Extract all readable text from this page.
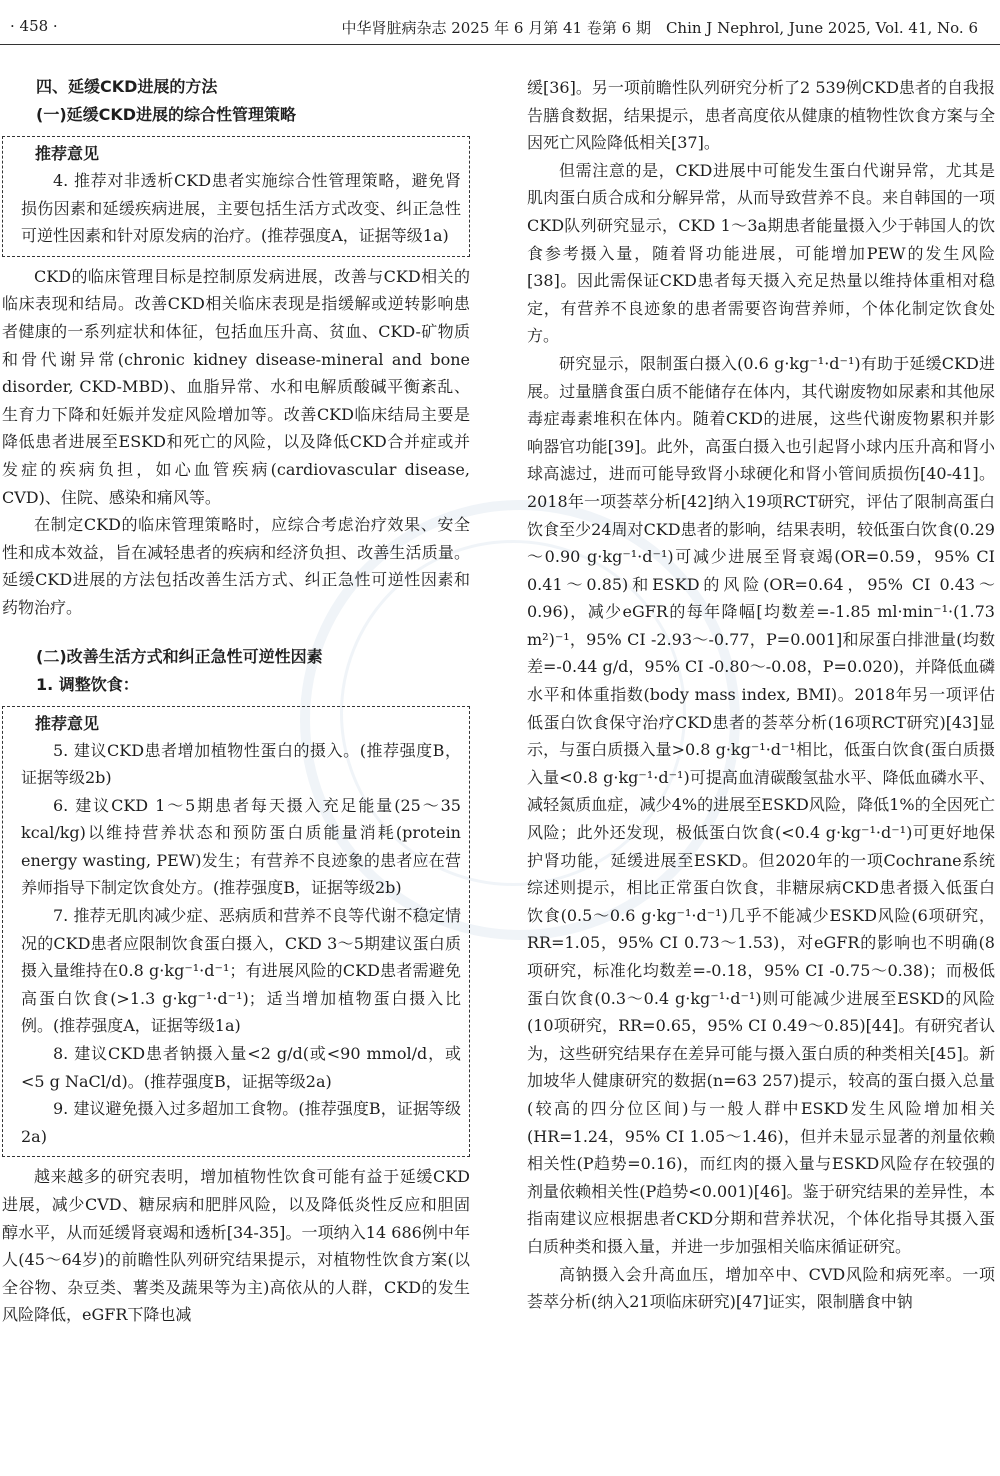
· 458 ·	中华肾脏病杂志 2025 年 6 月第 41 卷第 6 期　Chin J Nephrol, June 2025, Vol. 41, No. 6
四、延缓CKD进展的方法
(一)延缓CKD进展的综合性管理策略
推荐意见

4. 推荐对非透析CKD患者实施综合性管理策略，避免肾损伤因素和延缓疾病进展，主要包括生活方式改变、纠正急性可逆性因素和针对原发病的治疗。(推荐强度A，证据等级1a)

CKD的临床管理目标是控制原发病进展，改善与CKD相关的临床表现和结局。改善CKD相关临床表现是指缓解或逆转影响患者健康的一系列症状和体征，包括血压升高、贫血、CKD-矿物质和骨代谢异常(chronic kidney disease-mineral and bone disorder, CKD-MBD)、血脂异常、水和电解质酸碱平衡紊乱、生育力下降和妊娠并发症风险增加等。改善CKD临床结局主要是降低患者进展至ESKD和死亡的风险，以及降低CKD合并症或并发症的疾病负担，如心血管疾病(cardiovascular disease, CVD)、住院、感染和痛风等。

在制定CKD的临床管理策略时，应综合考虑治疗效果、安全性和成本效益，旨在减轻患者的疾病和经济负担、改善生活质量。延缓CKD进展的方法包括改善生活方式、纠正急性可逆性因素和药物治疗。

(二)改善生活方式和纠正急性可逆性因素
1. 调整饮食：
推荐意见

5. 建议CKD患者增加植物性蛋白的摄入。(推荐强度B，证据等级2b)

6. 建议CKD 1～5期患者每天摄入充足能量(25～35 kcal/kg)以维持营养状态和预防蛋白质能量消耗(protein energy wasting, PEW)发生；有营养不良迹象的患者应在营养师指导下制定饮食处方。(推荐强度B，证据等级2b)

7. 推荐无肌肉减少症、恶病质和营养不良等代谢不稳定情况的CKD患者应限制饮食蛋白摄入，CKD 3～5期建议蛋白质摄入量维持在0.8 g·kg⁻¹·d⁻¹；有进展风险的CKD患者需避免高蛋白饮食(>1.3 g·kg⁻¹·d⁻¹)；适当增加植物蛋白摄入比例。(推荐强度A，证据等级1a)

8. 建议CKD患者钠摄入量<2 g/d(或<90 mmol/d，或<5 g NaCl/d)。(推荐强度B，证据等级2a)

9. 建议避免摄入过多超加工食物。(推荐强度B，证据等级2a)

越来越多的研究表明，增加植物性饮食可能有益于延缓CKD进展，减少CVD、糖尿病和肥胖风险，以及降低炎性反应和胆固醇水平，从而延缓肾衰竭和透析[34-35]。一项纳入14 686例中年人(45～64岁)的前瞻性队列研究结果提示，对植物性饮食方案(以全谷物、杂豆类、薯类及蔬果等为主)高依从的人群，CKD的发生风险降低，eGFR下降也减

缓[36]。另一项前瞻性队列研究分析了2 539例CKD患者的自我报告膳食数据，结果提示，患者高度依从健康的植物性饮食方案与全因死亡风险降低相关[37]。

但需注意的是，CKD进展中可能发生蛋白代谢异常，尤其是肌肉蛋白质合成和分解异常，从而导致营养不良。来自韩国的一项CKD队列研究显示，CKD 1～3a期患者能量摄入少于韩国人的饮食参考摄入量，随着肾功能进展，可能增加PEW的发生风险[38]。因此需保证CKD患者每天摄入充足热量以维持体重相对稳定，有营养不良迹象的患者需要咨询营养师，个体化制定饮食处方。

研究显示，限制蛋白摄入(0.6 g·kg⁻¹·d⁻¹)有助于延缓CKD进展。过量膳食蛋白质不能储存在体内，其代谢废物如尿素和其他尿毒症毒素堆积在体内。随着CKD的进展，这些代谢废物累积并影响器官功能[39]。此外，高蛋白摄入也引起肾小球内压升高和肾小球高滤过，进而可能导致肾小球硬化和肾小管间质损伤[40-41]。2018年一项荟萃分析[42]纳入19项RCT研究，评估了限制高蛋白饮食至少24周对CKD患者的影响，结果表明，较低蛋白饮食(0.29～0.90 g·kg⁻¹·d⁻¹)可减少进展至肾衰竭(OR=0.59，95% CI 0.41～0.85)和ESKD的风险(OR=0.64，95% CI 0.43～0.96)，减少eGFR的每年降幅[均数差=-1.85 ml·min⁻¹·(1.73 m²)⁻¹，95% CI -2.93～-0.77，P=0.001]和尿蛋白排泄量(均数差=-0.44 g/d，95% CI -0.80～-0.08，P=0.020)，并降低血磷水平和体重指数(body mass index, BMI)。2018年另一项评估低蛋白饮食保守治疗CKD患者的荟萃分析(16项RCT研究)[43]显示，与蛋白质摄入量>0.8 g·kg⁻¹·d⁻¹相比，低蛋白饮食(蛋白质摄入量<0.8 g·kg⁻¹·d⁻¹)可提高血清碳酸氢盐水平、降低血磷水平、减轻氮质血症，减少4%的进展至ESKD风险，降低1%的全因死亡风险；此外还发现，极低蛋白饮食(<0.4 g·kg⁻¹·d⁻¹)可更好地保护肾功能，延缓进展至ESKD。但2020年的一项Cochrane系统综述则提示，相比正常蛋白饮食，非糖尿病CKD患者摄入低蛋白饮食(0.5～0.6 g·kg⁻¹·d⁻¹)几乎不能减少ESKD风险(6项研究，RR=1.05，95% CI 0.73～1.53)，对eGFR的影响也不明确(8项研究，标准化均数差=-0.18，95% CI -0.75～0.38)；而极低蛋白饮食(0.3～0.4 g·kg⁻¹·d⁻¹)则可能减少进展至ESKD的风险(10项研究，RR=0.65，95% CI 0.49～0.85)[44]。有研究者认为，这些研究结果存在差异可能与摄入蛋白质的种类相关[45]。新加坡华人健康研究的数据(n=63 257)提示，较高的蛋白摄入总量(较高的四分位区间)与一般人群中ESKD发生风险增加相关(HR=1.24，95% CI 1.05～1.46)，但并未显示显著的剂量依赖相关性(P趋势=0.16)，而红肉的摄入量与ESKD风险存在较强的剂量依赖相关性(P趋势<0.001)[46]。鉴于研究结果的差异性，本指南建议应根据患者CKD分期和营养状况，个体化指导其摄入蛋白质种类和摄入量，并进一步加强相关临床循证研究。

高钠摄入会升高血压，增加卒中、CVD风险和病死率。一项荟萃分析(纳入21项临床研究)[47]证实，限制膳食中钠
